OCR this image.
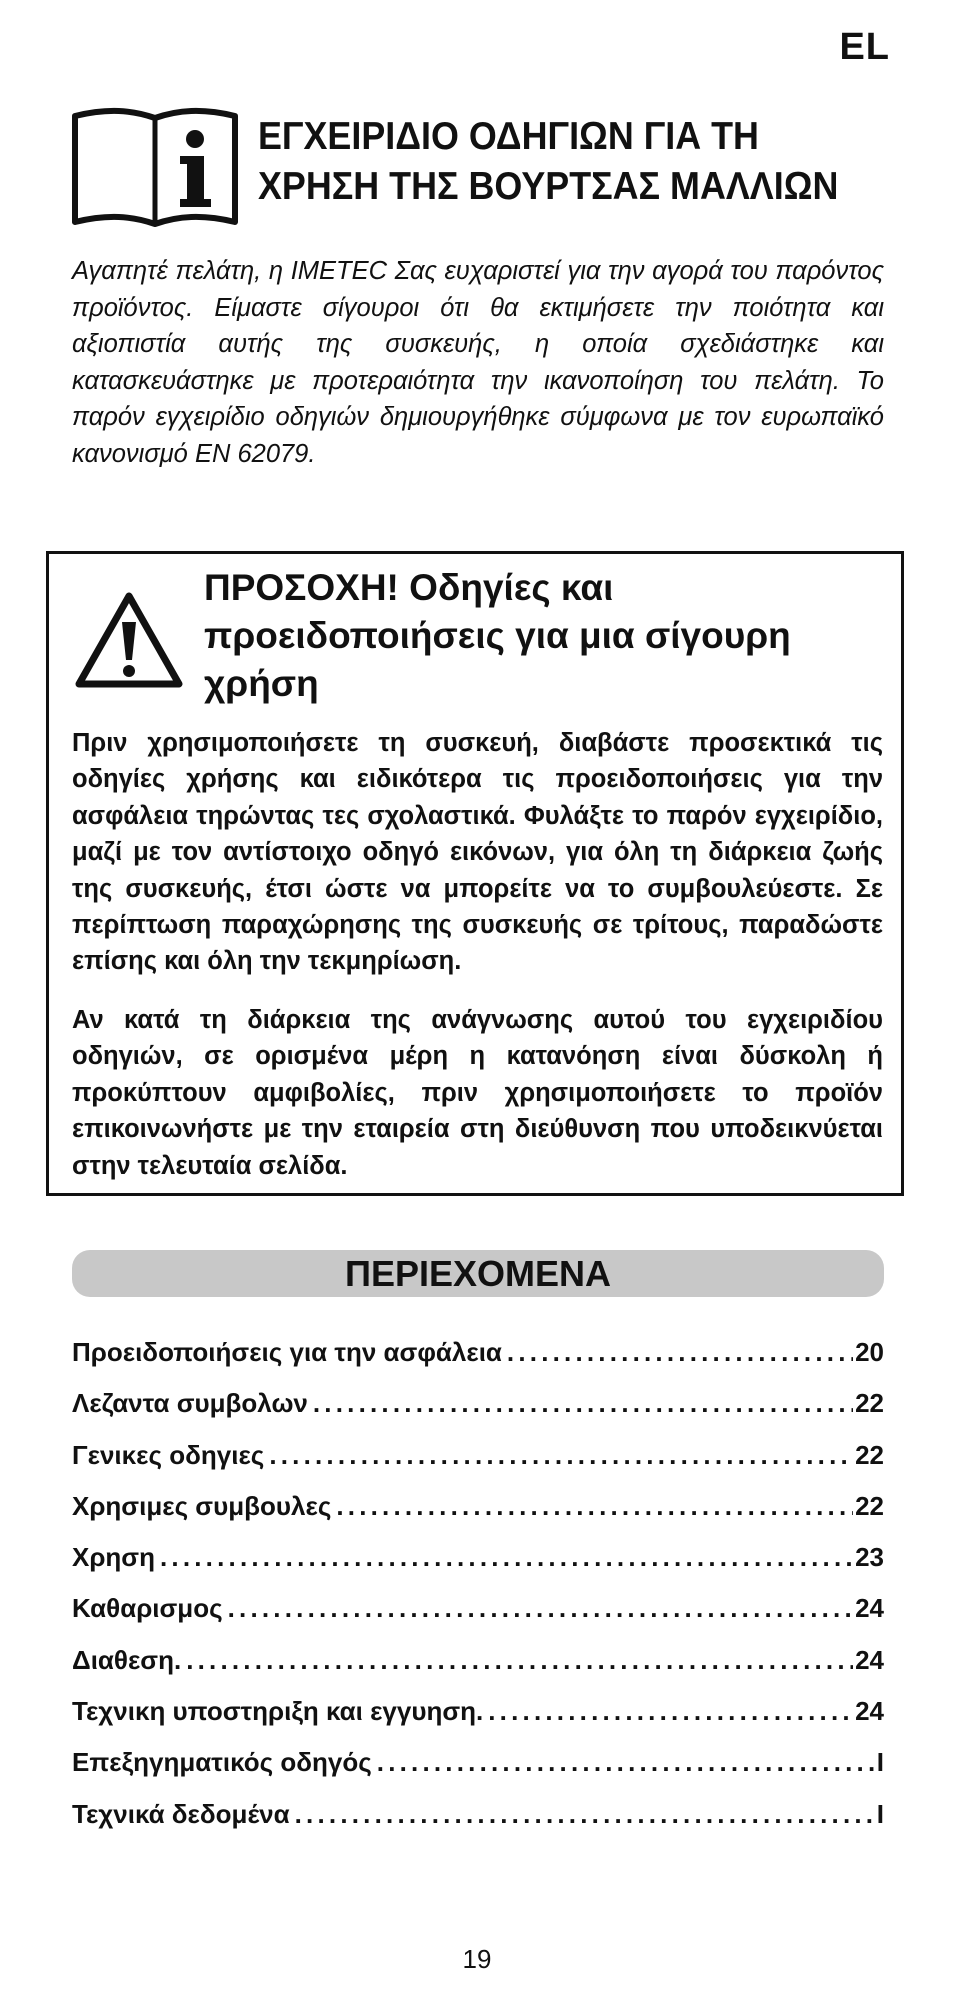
EL
ΕΓΧΕΙΡΙΔΙΟ ΟΔΗΓΙΩΝ ΓΙΑ ΤΗ
ΧΡΗΣΗ ΤΗΣ ΒΟΥΡΤΣΑΣ ΜΑΛΛΙΩΝ

Αγαπητέ πελάτη, η IMETEC Σας ευχαριστεί για την αγορά του παρόντος προϊόντος. Είμαστε σίγουροι ότι θα εκτιμήσετε την ποιότητα και αξιοπιστία αυτής της συσκευής, η οποία σχεδιάστηκε και κατασκευάστηκε με προτεραιότητα την ικανοποίηση του πελάτη. Το παρόν εγχειρίδιο οδηγιών δημιουργήθηκε σύμφωνα με τον ευρωπαϊκό κανονισμό EN 62079.

ΠΡΟΣΟΧΗ! Οδηγίες και
προειδοποιήσεις για μια σίγουρη
χρήση

Πριν χρησιμοποιήσετε τη συσκευή, διαβάστε προσεκτικά τις οδηγίες χρήσης και ειδικότερα τις προειδοποιήσεις για την ασφάλεια τηρώντας τες σχολαστικά. Φυλάξτε το παρόν εγχειρίδιο, μαζί με τον αντίστοιχο οδηγό εικόνων, για όλη τη διάρκεια ζωής της συσκευής, έτσι ώστε να μπορείτε να το συμβουλεύεστε. Σε περίπτωση παραχώρησης της συσκευής σε τρίτους, παραδώστε επίσης και όλη την τεκμηρίωση.

Αν κατά τη διάρκεια της ανάγνωσης αυτού του εγχειριδίου οδηγιών, σε ορισμένα μέρη η κατανόηση είναι δύσκολη ή προκύπτουν αμφιβολίες, πριν χρησιμοποιήσετε το προϊόν επικοινωνήστε με την εταιρεία στη διεύθυνση που υποδεικνύεται στην τελευταία σελίδα.

ΠΕΡΙΕΧΟΜΕΝΑ
Προειδοποιήσεις για την ασφάλεια .....	20
Λεζαντα συμβολων .....	22
Γενικες οδηγιες .....	22
Χρησιμες συμβουλες .....	22
Χρηση .....	23
Καθαρισμος .....	24
Διαθεση. .....	24
Τεχνικη υποστηριξη και εγγυηση. .....	24
Επεξηγηματικός οδηγός .....	I
Τεχνικά δεδομένα .....	I
19
